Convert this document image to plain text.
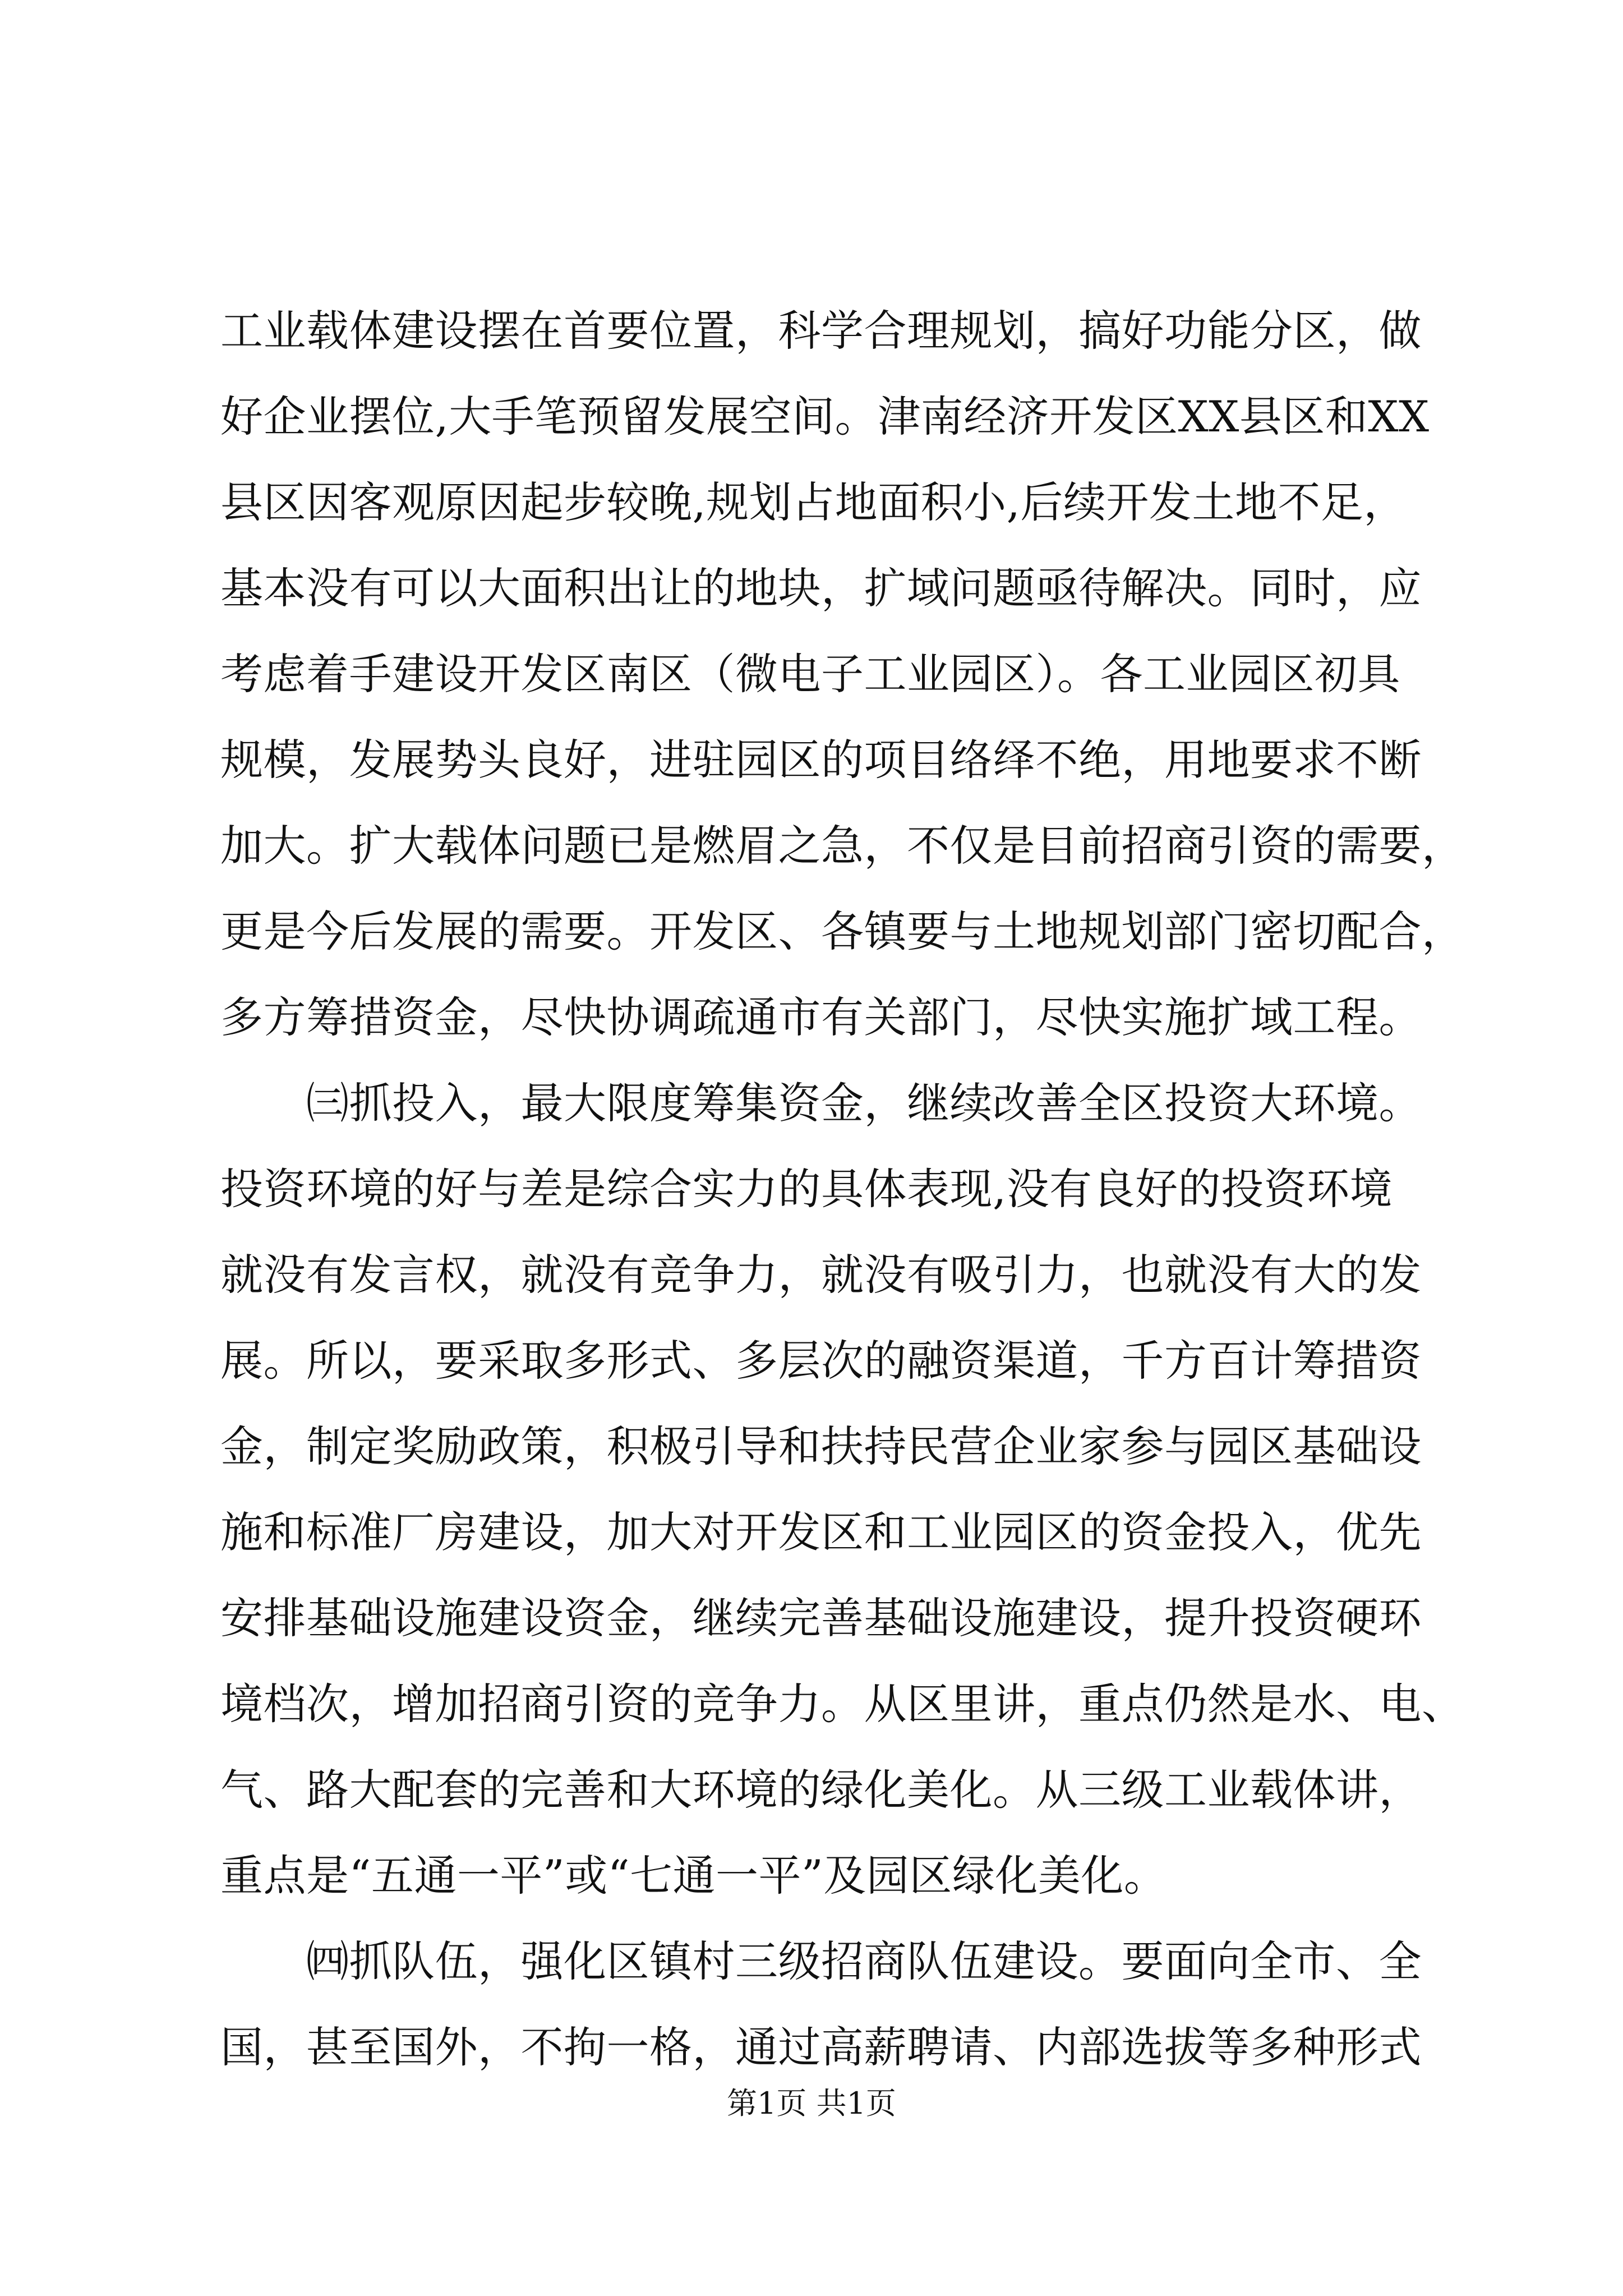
工业载体建设摆在首要位置，科学合理规划，搞好功能分区，做
好企业摆位,大手笔预留发展空间。津南经济开发区XX县区和XX
县区因客观原因起步较晚,规划占地面积小,后续开发土地不足，
基本没有可以大面积出让的地块，扩域问题亟待解决。同时，应
考虑着手建设开发区南区（微电子工业园区）。各工业园区初具
规模，发展势头良好，进驻园区的项目络绎不绝，用地要求不断
加大。扩大载体问题已是燃眉之急，不仅是目前招商引资的需要，
更是今后发展的需要。开发区、各镇要与土地规划部门密切配合，
多方筹措资金，尽快协调疏通市有关部门，尽快实施扩域工程。
　　㈢抓投入，最大限度筹集资金，继续改善全区投资大环境。
投资环境的好与差是综合实力的具体表现,没有良好的投资环境
就没有发言权，就没有竞争力，就没有吸引力，也就没有大的发
展。所以，要采取多形式、多层次的融资渠道，千方百计筹措资
金，制定奖励政策，积极引导和扶持民营企业家参与园区基础设
施和标准厂房建设，加大对开发区和工业园区的资金投入，优先
安排基础设施建设资金，继续完善基础设施建设，提升投资硬环
境档次，增加招商引资的竞争力。从区里讲，重点仍然是水、电、
气、路大配套的完善和大环境的绿化美化。从三级工业载体讲，
重点是“五通一平”或“七通一平”及园区绿化美化。
　　㈣抓队伍，强化区镇村三级招商队伍建设。要面向全市、全
国，甚至国外，不拘一格，通过高薪聘请、内部选拔等多种形式
第1页 共1页
